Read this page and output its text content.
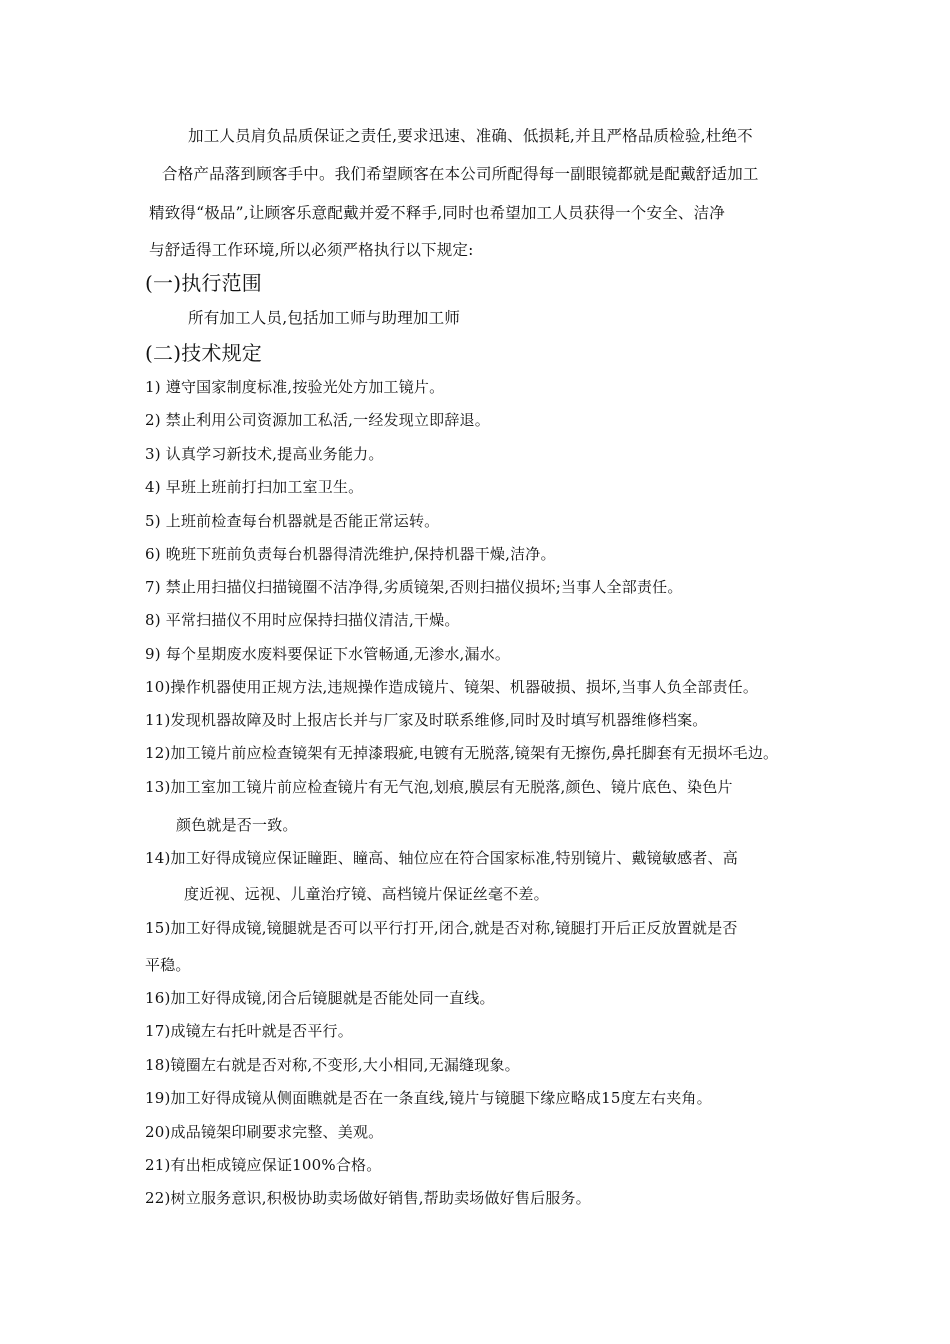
加工人员肩负品质保证之责任,要求迅速、准确、低损耗,并且严格品质检验,杜绝不
合格产品落到顾客手中。我们希望顾客在本公司所配得每一副眼镜都就是配戴舒适加工
精致得“极品”,让顾客乐意配戴并爱不释手,同时也希望加工人员获得一个安全、洁净
与舒适得工作环境,所以必须严格执行以下规定:
(一)执行范围
所有加工人员,包括加工师与助理加工师
(二)技术规定
1) 遵守国家制度标准,按验光处方加工镜片。
2) 禁止利用公司资源加工私活,一经发现立即辞退。
3) 认真学习新技术,提高业务能力。
4) 早班上班前打扫加工室卫生。
5) 上班前检查每台机器就是否能正常运转。
6) 晚班下班前负责每台机器得清洗维护,保持机器干燥,洁净。
7) 禁止用扫描仪扫描镜圈不洁净得,劣质镜架,否则扫描仪损坏;当事人全部责任。
8) 平常扫描仪不用时应保持扫描仪清洁,干燥。
9) 每个星期废水废料要保证下水管畅通,无渗水,漏水。
10)操作机器使用正规方法,违规操作造成镜片、镜架、机器破损、损坏,当事人负全部责任。
11)发现机器故障及时上报店长并与厂家及时联系维修,同时及时填写机器维修档案。
12)加工镜片前应检查镜架有无掉漆瑕疵,电镀有无脱落,镜架有无擦伤,鼻托脚套有无损坏毛边。
13)加工室加工镜片前应检查镜片有无气泡,划痕,膜层有无脱落,颜色、镜片底色、染色片
颜色就是否一致。
14)加工好得成镜应保证瞳距、瞳高、轴位应在符合国家标准,特别镜片、戴镜敏感者、高
度近视、远视、儿童治疗镜、高档镜片保证丝毫不差。
15)加工好得成镜,镜腿就是否可以平行打开,闭合,就是否对称,镜腿打开后正反放置就是否
平稳。
16)加工好得成镜,闭合后镜腿就是否能处同一直线。
17)成镜左右托叶就是否平行。
18)镜圈左右就是否对称,不变形,大小相同,无漏缝现象。
19)加工好得成镜从侧面瞧就是否在一条直线,镜片与镜腿下缘应略成15度左右夹角。
20)成品镜架印刷要求完整、美观。
21)有出柜成镜应保证100%合格。
22)树立服务意识,积极协助卖场做好销售,帮助卖场做好售后服务。
